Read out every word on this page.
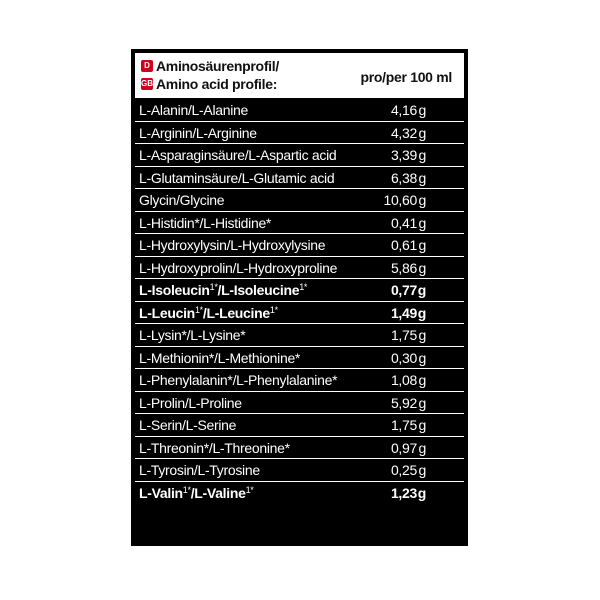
D Aminosäurenprofil/
GB Amino acid profile:	pro/per 100 ml
L-Alanin/L-Alanine	4,16 g
L-Arginin/L-Arginine	4,32 g
L-Asparaginsäure/L-Aspartic acid	3,39 g
L-Glutaminsäure/L-Glutamic acid	6,38 g
Glycin/Glycine	10,60 g
L-Histidin*/L-Histidine*	0,41 g
L-Hydroxylysin/L-Hydroxylysine	0,61 g
L-Hydroxyprolin/L-Hydroxyproline	5,86 g
L-Isoleucin$^{1*}$/L-Isoleucine$^{1*}$	0,77 g
L-Leucin$^{1*}$/L-Leucine$^{1*}$	1,49 g
L-Lysin*/L-Lysine*	1,75 g
L-Methionin*/L-Methionine*	0,30 g
L-Phenylalanin*/L-Phenylalanine*	1,08 g
L-Prolin/L-Proline	5,92 g
L-Serin/L-Serine	1,75 g
L-Threonin*/L-Threonine*	0,97 g
L-Tyrosin/L-Tyrosine	0,25 g
L-Valin$^{1*}$/L-Valine$^{1*}$	1,23 g
